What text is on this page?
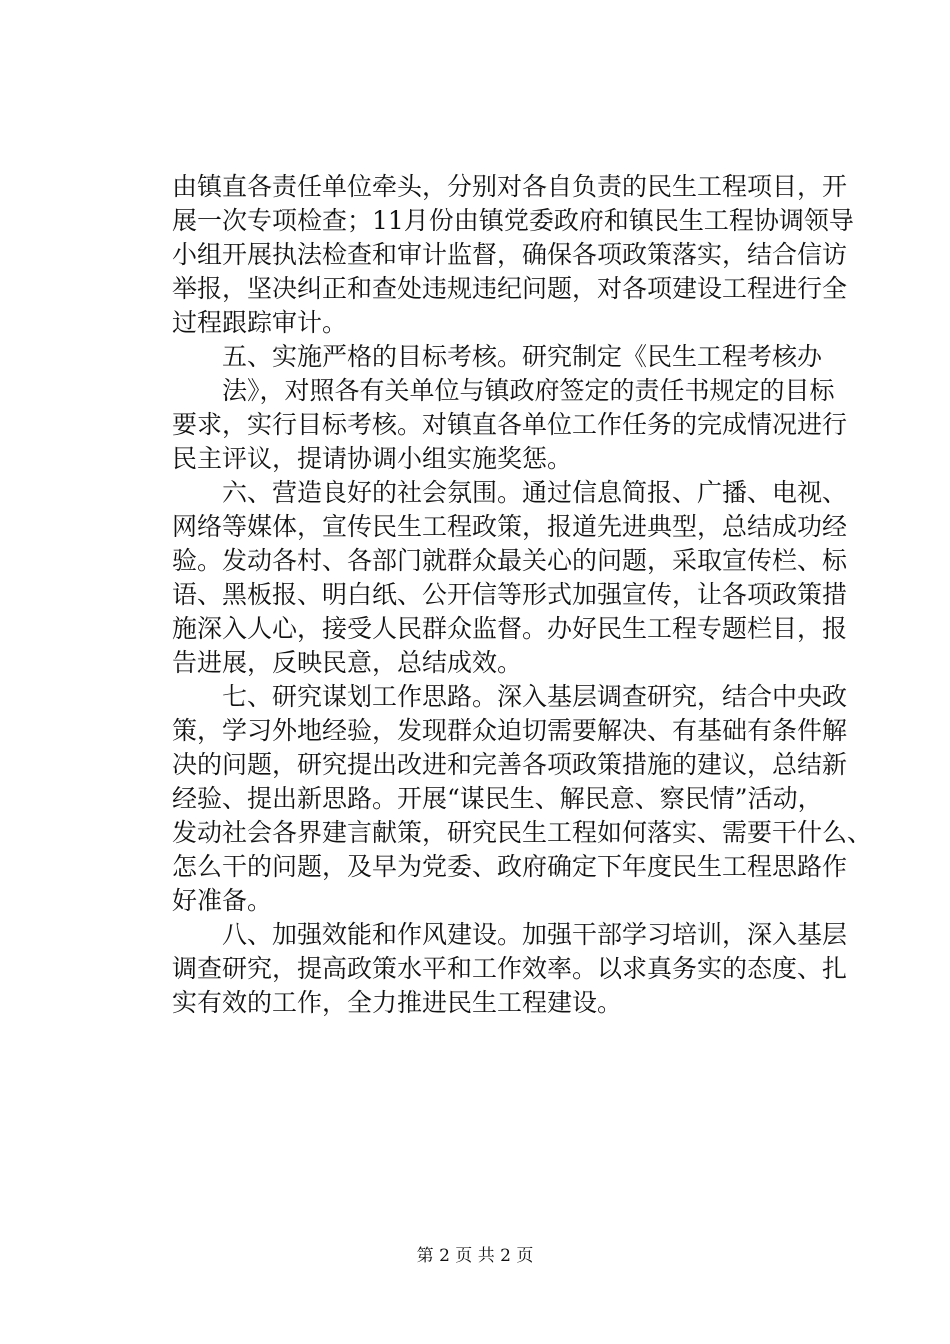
由镇直各责任单位牵头，分别对各自负责的民生工程项目，开
展一次专项检查；11月份由镇党委政府和镇民生工程协调领导
小组开展执法检查和审计监督，确保各项政策落实，结合信访
举报，坚决纠正和查处违规违纪问题，对各项建设工程进行全
过程跟踪审计。
　　五、实施严格的目标考核。研究制定《民生工程考核办
　　法》，对照各有关单位与镇政府签定的责任书规定的目标
要求，实行目标考核。对镇直各单位工作任务的完成情况进行
民主评议，提请协调小组实施奖惩。
　　六、营造良好的社会氛围。通过信息简报、广播、电视、
网络等媒体，宣传民生工程政策，报道先进典型，总结成功经
验。发动各村、各部门就群众最关心的问题，采取宣传栏、标
语、黑板报、明白纸、公开信等形式加强宣传，让各项政策措
施深入人心，接受人民群众监督。办好民生工程专题栏目，报
告进展，反映民意，总结成效。
　　七、研究谋划工作思路。深入基层调查研究，结合中央政
策，学习外地经验，发现群众迫切需要解决、有基础有条件解
决的问题，研究提出改进和完善各项政策措施的建议，总结新
经验、提出新思路。开展“谋民生、解民意、察民情”活动，
发动社会各界建言献策，研究民生工程如何落实、需要干什么、
怎么干的问题，及早为党委、政府确定下年度民生工程思路作
好准备。
　　八、加强效能和作风建设。加强干部学习培训，深入基层
调查研究，提高政策水平和工作效率。以求真务实的态度、扎
实有效的工作，全力推进民生工程建设。
第 2 页 共 2 页
